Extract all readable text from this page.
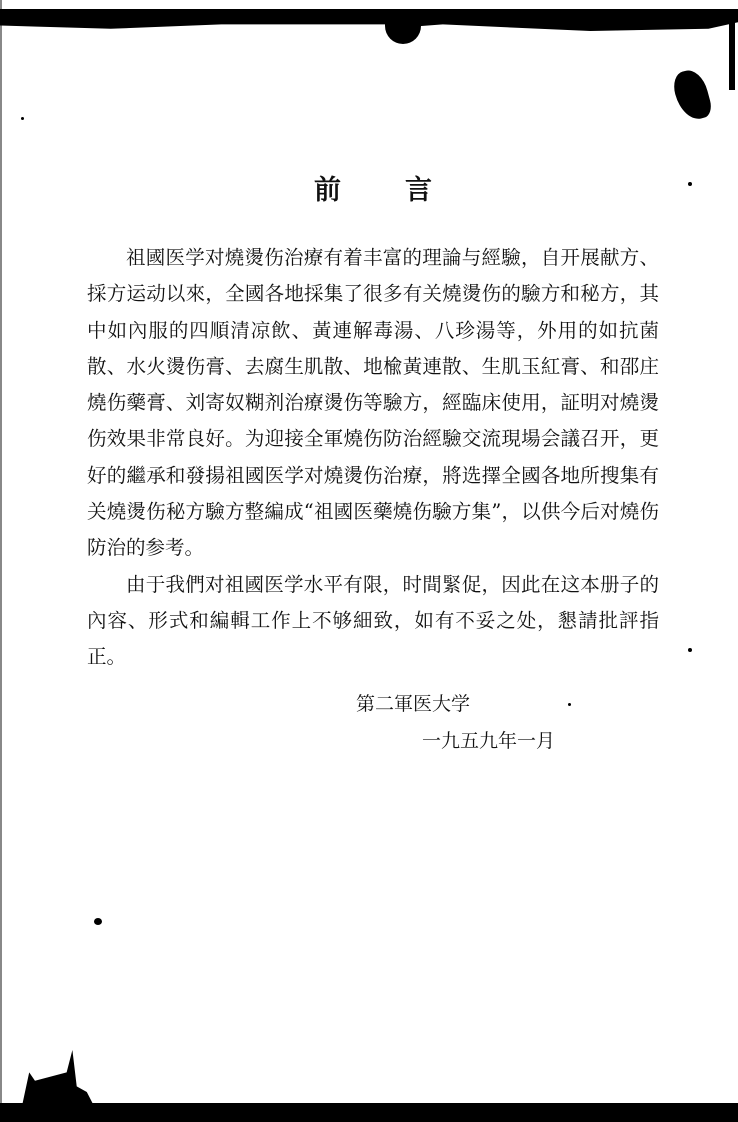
前 言

祖國医学对燒燙伤治療有着丰富的理論与經驗，自开展献方、採方运动以來，全國各地採集了很多有关燒燙伤的驗方和秘方，其中如內服的四順清凉飲、黃連解毒湯、八珍湯等，外用的如抗菌散、水火燙伤膏、去腐生肌散、地楡黃連散、生肌玉紅膏、和邵庄燒伤藥膏、刘寄奴糊剂治療燙伤等驗方，經臨床使用，証明对燒燙伤效果非常良好。为迎接全軍燒伤防治經驗交流現場会議召开，更好的繼承和發揚祖國医学对燒燙伤治療，將选擇全國各地所搜集有关燒燙伤秘方驗方整編成“祖國医藥燒伤驗方集”，以供今后对燒伤防治的参考。

由于我們对祖國医学水平有限，时間緊促，因此在这本册子的內容、形式和編輯工作上不够細致，如有不妥之处，懇請批評指正。

第二軍医大学
一九五九年一月
